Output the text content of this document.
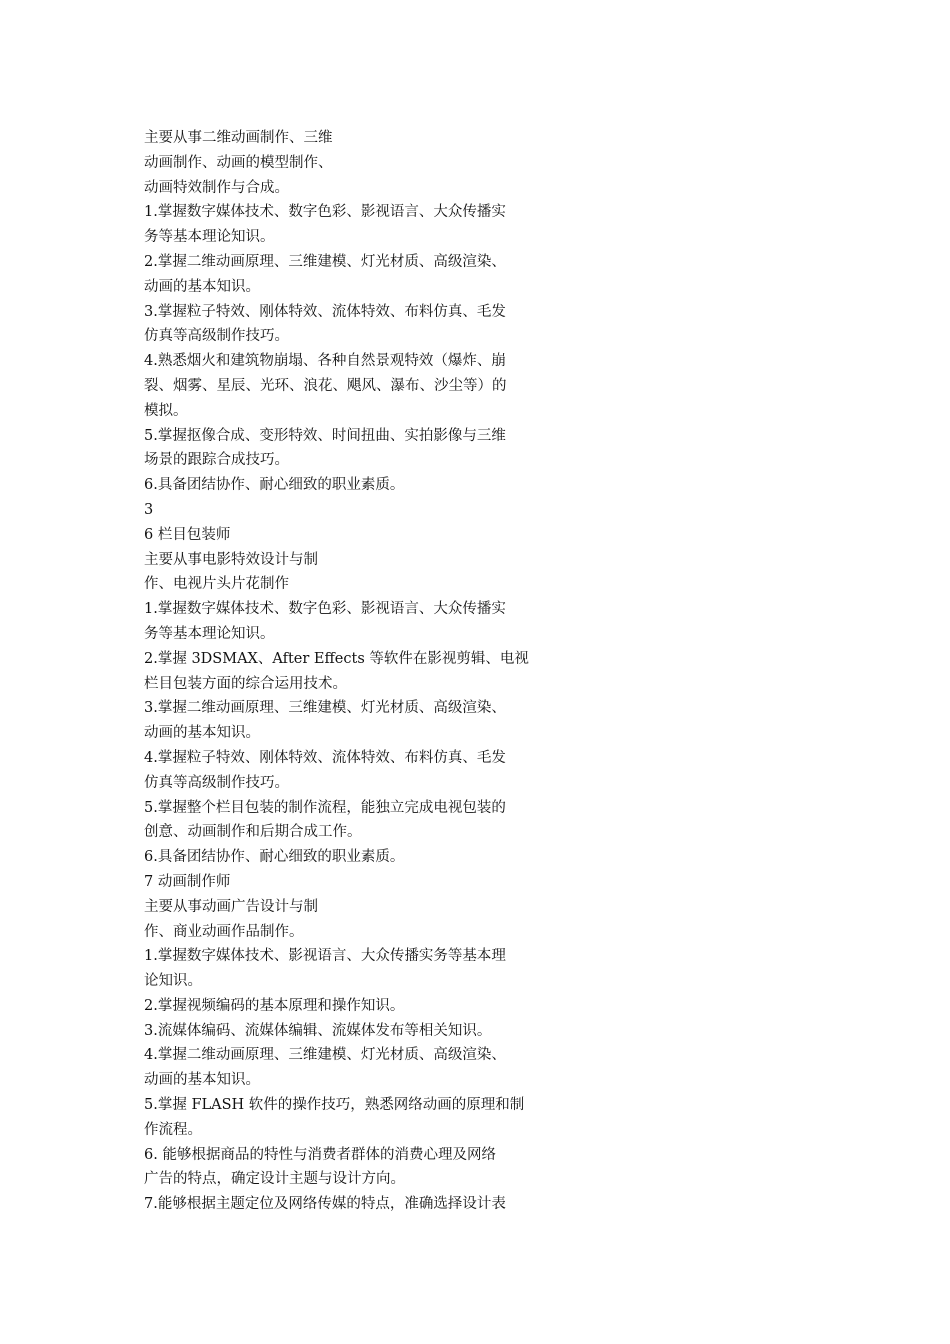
主要从事二维动画制作、三维
动画制作、动画的模型制作、
动画特效制作与合成。
1.掌握数字媒体技术、数字色彩、影视语言、大众传播实
务等基本理论知识。
2.掌握二维动画原理、三维建模、灯光材质、高级渲染、
动画的基本知识。
3.掌握粒子特效、刚体特效、流体特效、布料仿真、毛发
仿真等高级制作技巧。
4.熟悉烟火和建筑物崩塌、各种自然景观特效（爆炸、崩
裂、烟雾、星辰、光环、浪花、飓风、瀑布、沙尘等）的
模拟。
5.掌握抠像合成、变形特效、时间扭曲、实拍影像与三维
场景的跟踪合成技巧。
6.具备团结协作、耐心细致的职业素质。
3
6 栏目包装师
主要从事电影特效设计与制
作、电视片头片花制作
1.掌握数字媒体技术、数字色彩、影视语言、大众传播实
务等基本理论知识。
2.掌握 3DSMAX、After Effects 等软件在影视剪辑、电视
栏目包装方面的综合运用技术。
3.掌握二维动画原理、三维建模、灯光材质、高级渲染、
动画的基本知识。
4.掌握粒子特效、刚体特效、流体特效、布料仿真、毛发
仿真等高级制作技巧。
5.掌握整个栏目包装的制作流程，能独立完成电视包装的
创意、动画制作和后期合成工作。
6.具备团结协作、耐心细致的职业素质。
7 动画制作师
主要从事动画广告设计与制
作、商业动画作品制作。
1.掌握数字媒体技术、影视语言、大众传播实务等基本理
论知识。
2.掌握视频编码的基本原理和操作知识。
3.流媒体编码、流媒体编辑、流媒体发布等相关知识。
4.掌握二维动画原理、三维建模、灯光材质、高级渲染、
动画的基本知识。
5.掌握 FLASH 软件的操作技巧，熟悉网络动画的原理和制
作流程。
6. 能够根据商品的特性与消费者群体的消费心理及网络
广告的特点，确定设计主题与设计方向。
7.能够根据主题定位及网络传媒的特点，准确选择设计表
